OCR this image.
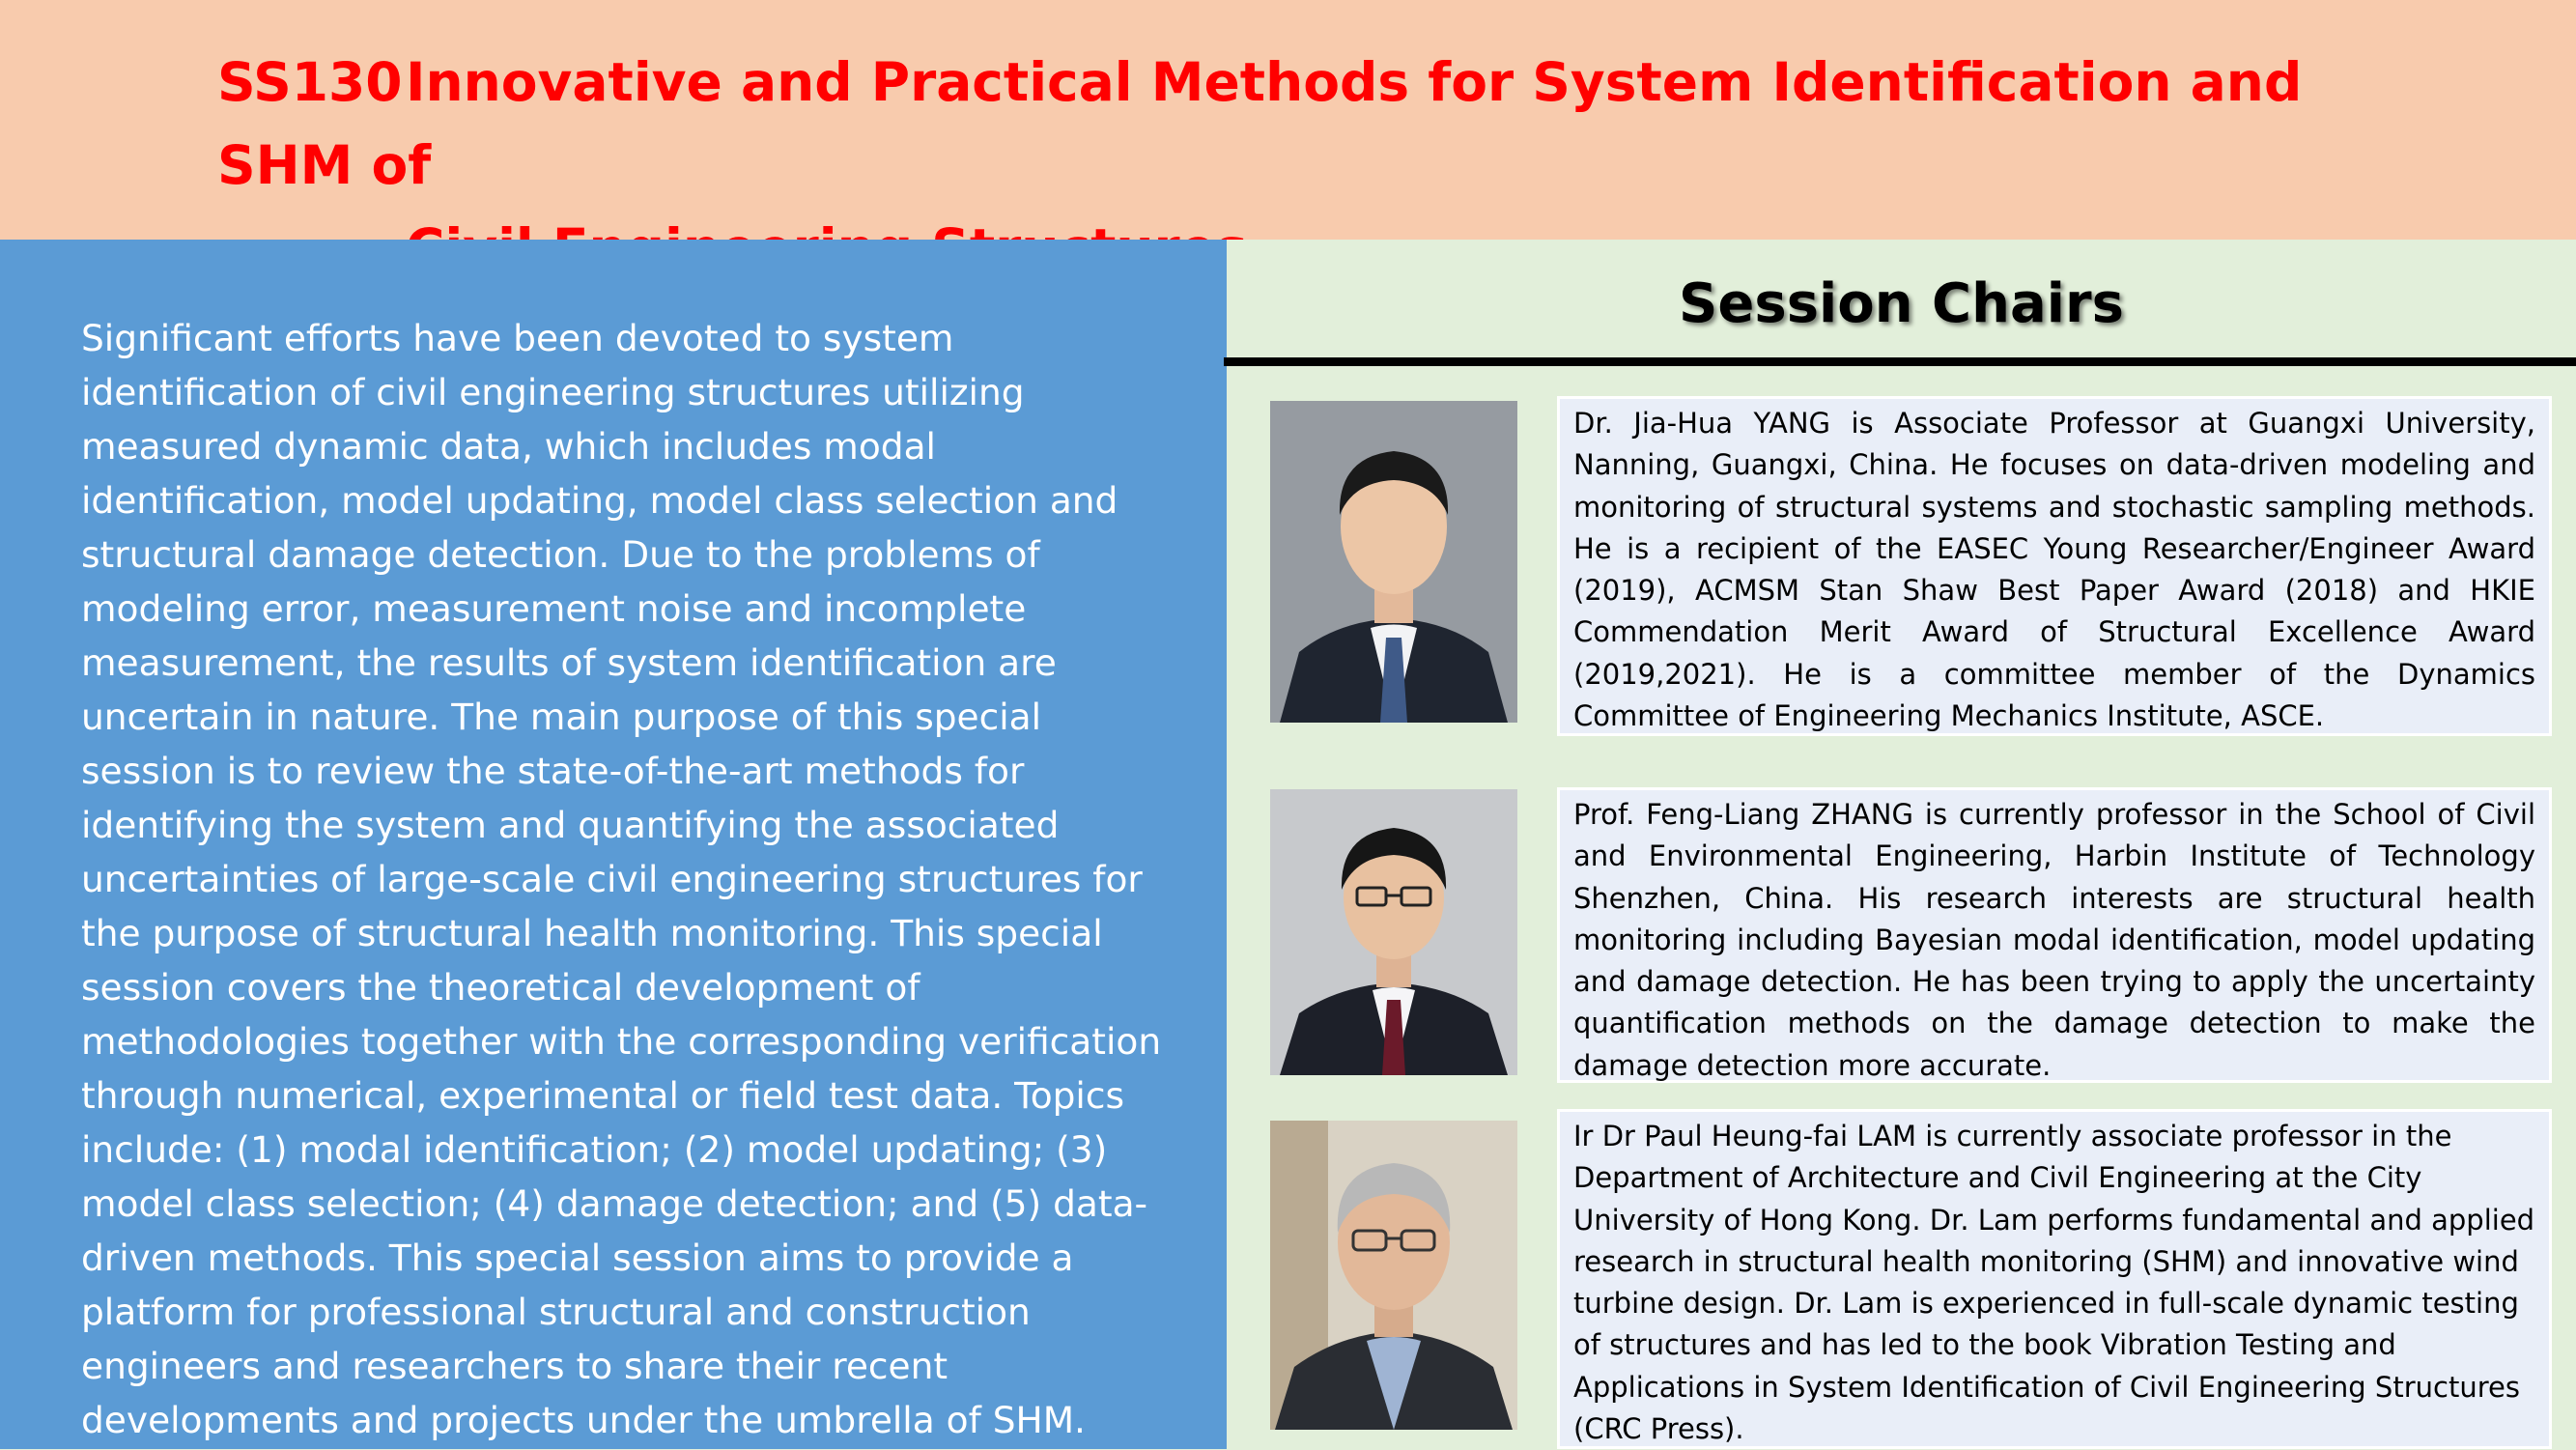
SS130Innovative and Practical Methods for System Identification and SHM of

Significant efforts have been devoted to system identification of civil engineering structures utilizing measured dynamic data, which includes modal identification, model updating, model class selection and structural damage detection. Due to the problems of modeling error, measurement noise and incomplete measurement, the results of system identification are uncertain in nature. The main purpose of this special session is to review the state-of-the-art methods for identifying the system and quantifying the associated uncertainties of large-scale civil engineering structures for the purpose of structural health monitoring. This special session covers the theoretical development of methodologies together with the corresponding verification through numerical, experimental or field test data. Topics include: (1) modal identification; (2) model updating; (3) model class selection; (4) damage detection; and (5) data-driven methods. This special session aims to provide a platform for professional structural and construction engineers and researchers to share their recent developments and projects under the umbrella of SHM.

Session Chairs

Dr. Jia-Hua YANG is Associate Professor at Guangxi University, Nanning, Guangxi, China. He focuses on data-driven modeling and monitoring of structural systems and stochastic sampling methods. He is a recipient of the EASEC Young Researcher/Engineer Award (2019), ACMSM Stan Shaw Best Paper Award (2018) and HKIE Commendation Merit Award of Structural Excellence Award (2019,2021). He is a committee member of the Dynamics Committee of Engineering Mechanics Institute, ASCE.

Prof. Feng-Liang ZHANG is currently professor in the School of Civil and Environmental Engineering, Harbin Institute of Technology Shenzhen, China. His research interests are structural health monitoring including Bayesian modal identification, model updating and damage detection. He has been trying to apply the uncertainty quantification methods on the damage detection to make the damage detection more accurate.

Ir Dr Paul Heung-fai LAM is currently associate professor in the Department of Architecture and Civil Engineering at the City University of Hong Kong. Dr. Lam performs fundamental and applied research in structural health monitoring (SHM) and innovative wind turbine design. Dr. Lam is experienced in full-scale dynamic testing of structures and has led to the book Vibration Testing and Applications in System Identification of Civil Engineering Structures (CRC Press).
